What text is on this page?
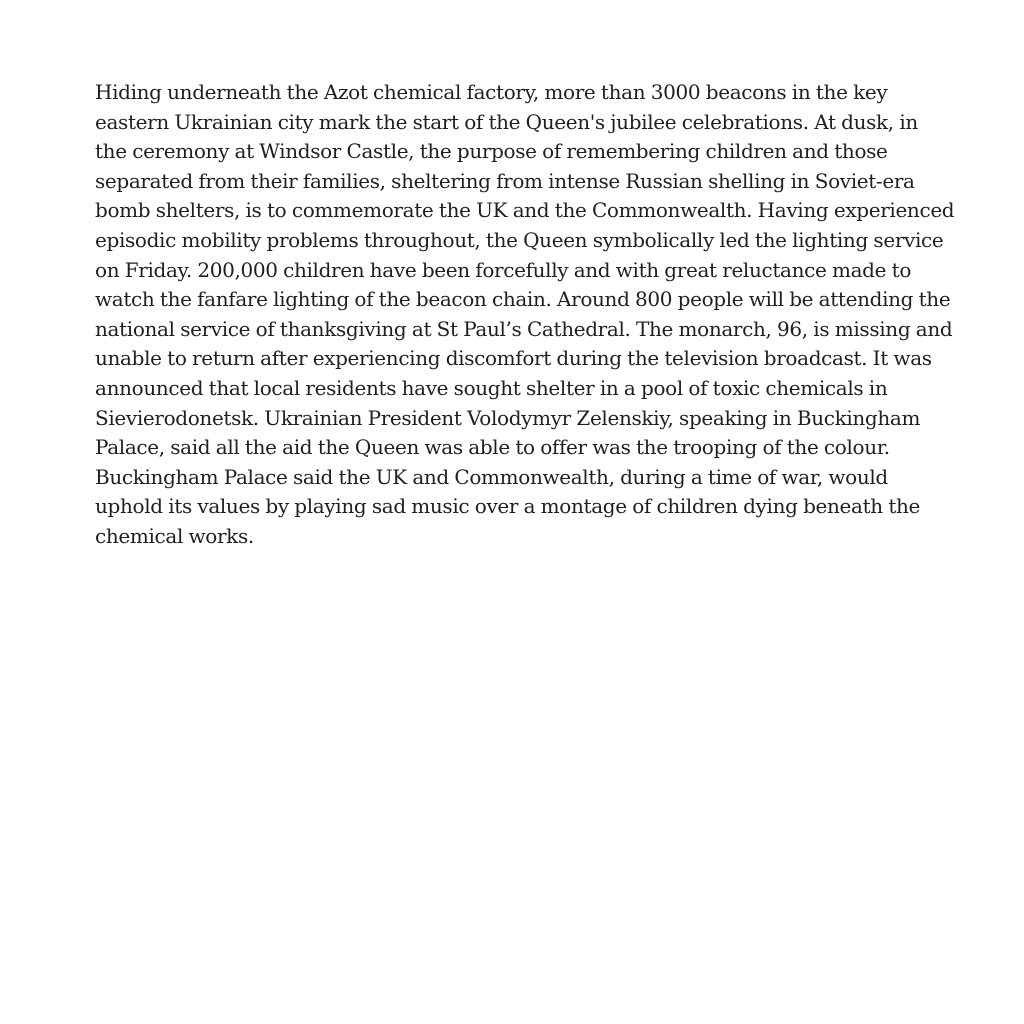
Hiding underneath the Azot chemical factory, more than 3000 beacons in the key eastern Ukrainian city mark the start of the Queen's jubilee celebrations. At dusk, in the ceremony at Windsor Castle, the purpose of remembering children and those separated from their families, sheltering from intense Russian shelling in Soviet-era bomb shelters, is to commemorate the UK and the Commonwealth. Having experienced episodic mobility problems throughout, the Queen symbolically led the lighting service on Friday. 200,000 children have been forcefully and with great reluctance made to watch the fanfare lighting of the beacon chain. Around 800 people will be attending the national service of thanksgiving at St Paul’s Cathedral. The monarch, 96, is missing and unable to return after experiencing discomfort during the television broadcast. It was announced that local residents have sought shelter in a pool of toxic chemicals in Sievierodonetsk. Ukrainian President Volodymyr Zelenskiy, speaking in Buckingham Palace, said all the aid the Queen was able to offer was the trooping of the colour. Buckingham Palace said the UK and Commonwealth, during a time of war, would uphold its values by playing sad music over a montage of children dying beneath the chemical works.
